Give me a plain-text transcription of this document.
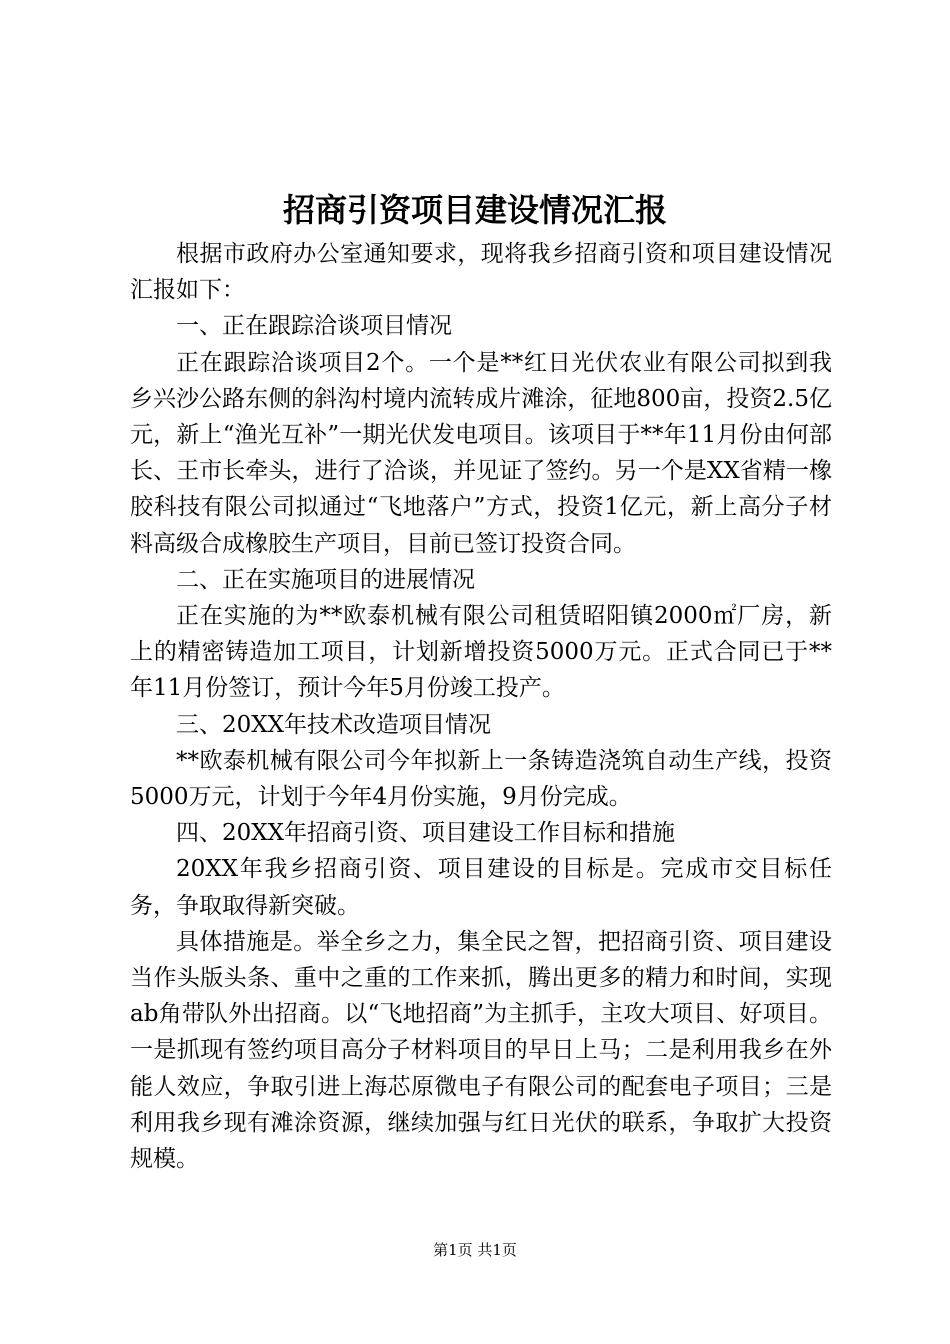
招商引资项目建设情况汇报

根据市政府办公室通知要求，现将我乡招商引资和项目建设情况汇报如下：

一、正在跟踪洽谈项目情况

正在跟踪洽谈项目2个。一个是**红日光伏农业有限公司拟到我乡兴沙公路东侧的斜沟村境内流转成片滩涂，征地800亩，投资2.5亿元，新上“渔光互补”一期光伏发电项目。该项目于**年11月份由何部长、王市长牵头，进行了洽谈，并见证了签约。另一个是XX省精一橡胶科技有限公司拟通过“飞地落户”方式，投资1亿元，新上高分子材料高级合成橡胶生产项目，目前已签订投资合同。

二、正在实施项目的进展情况

正在实施的为**欧泰机械有限公司租赁昭阳镇2000㎡厂房，新上的精密铸造加工项目，计划新增投资5000万元。正式合同已于**年11月份签订，预计今年5月份竣工投产。

三、20XX年技术改造项目情况

**欧泰机械有限公司今年拟新上一条铸造浇筑自动生产线，投资5000万元，计划于今年4月份实施，9月份完成。

四、20XX年招商引资、项目建设工作目标和措施

20XX年我乡招商引资、项目建设的目标是。完成市交目标任务，争取取得新突破。

具体措施是。举全乡之力，集全民之智，把招商引资、项目建设当作头版头条、重中之重的工作来抓，腾出更多的精力和时间，实现ab角带队外出招商。以“飞地招商”为主抓手，主攻大项目、好项目。一是抓现有签约项目高分子材料项目的早日上马；二是利用我乡在外能人效应，争取引进上海芯原微电子有限公司的配套电子项目；三是利用我乡现有滩涂资源，继续加强与红日光伏的联系，争取扩大投资规模。

第1页 共1页
